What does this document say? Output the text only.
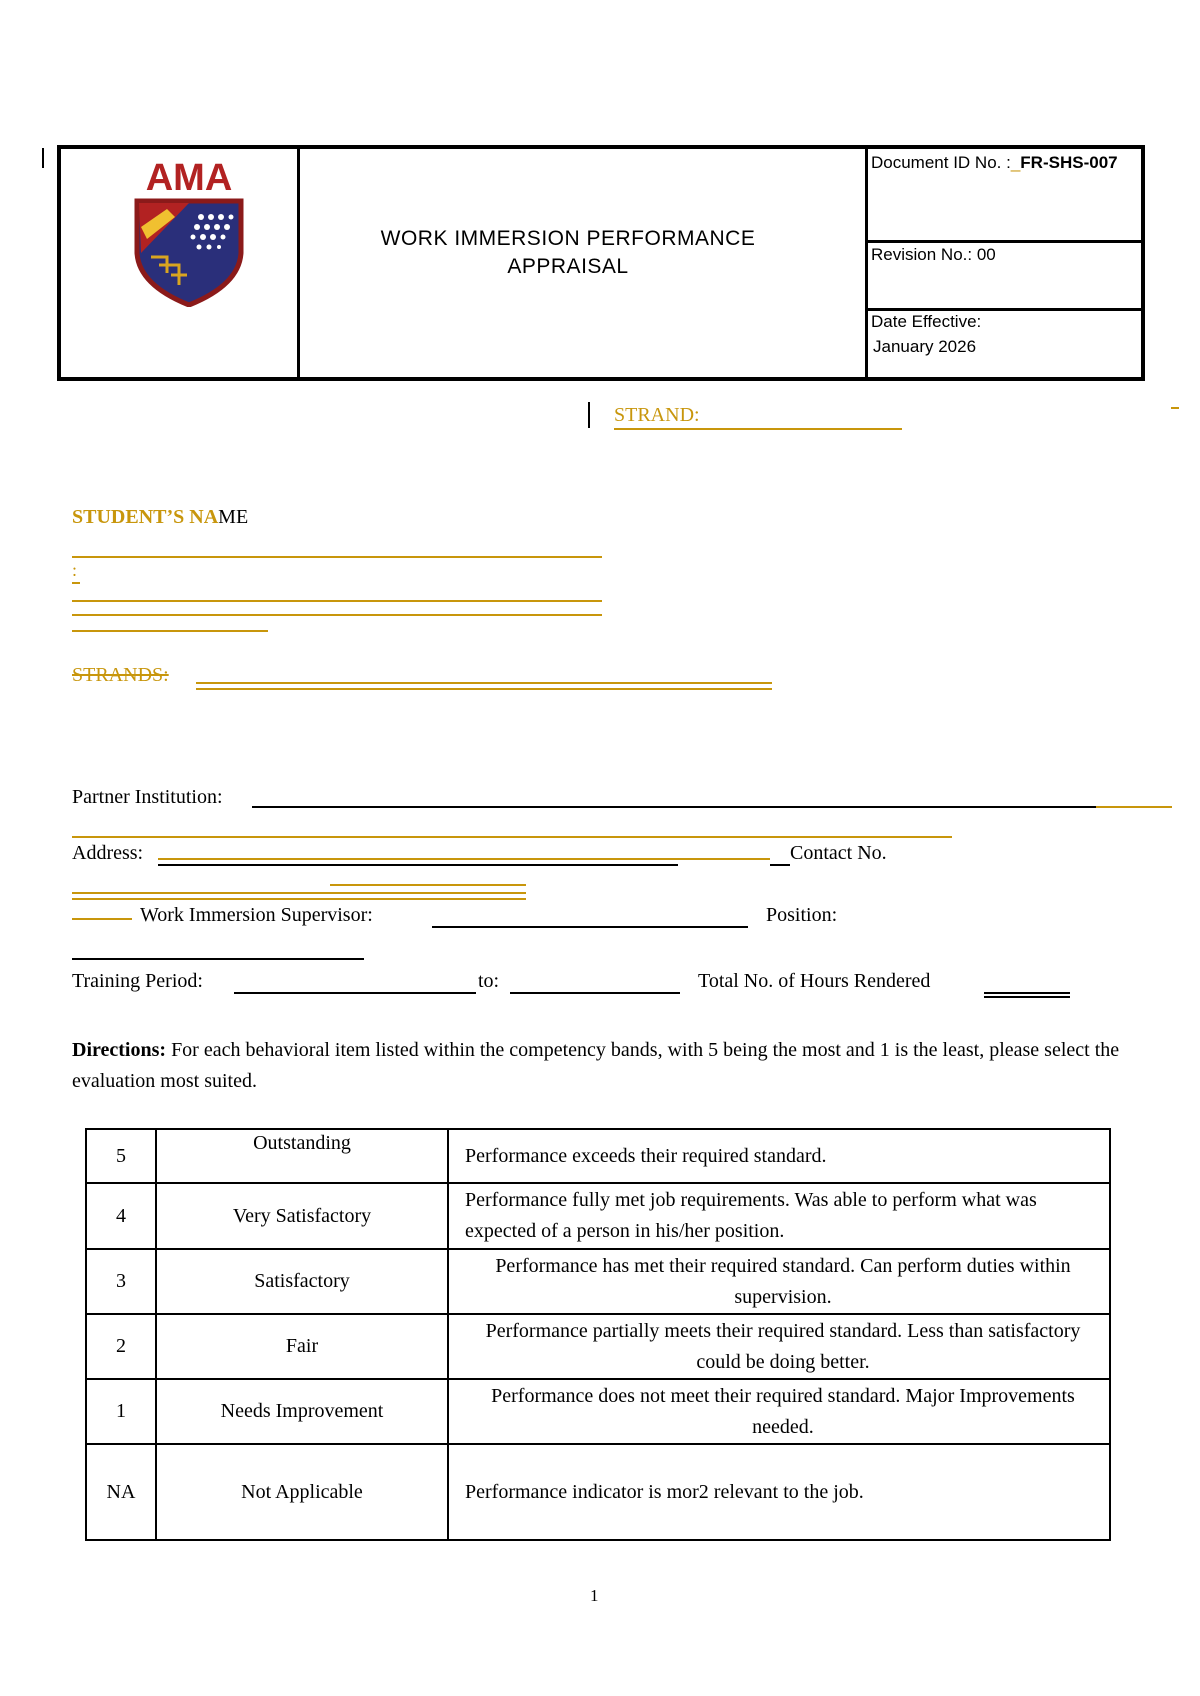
AMA
WORK IMMERSION PERFORMANCE
APPRAISAL
Document ID No. :_FR-SHS-007
Revision No.: 00
Date Effective:
January 2026
STRAND:
STUDENT’S NAME
:
STRANDS:
Partner Institution:
Address:	Contact No.
Work Immersion Supervisor:	Position:
Training Period:	to:	Total No. of Hours Rendered
Directions: For each behavioral item listed within the competency bands, with 5 being the most and 1 is the least, please select the evaluation most suited.
5	Outstanding	Performance exceeds their required standard.
4	Very Satisfactory	Performance fully met job requirements. Was able to perform what was expected of a person in his/her position.
3	Satisfactory	Performance has met their required standard. Can perform duties within supervision.
2	Fair	Performance partially meets their required standard. Less than satisfactory could be doing better.
1	Needs Improvement	Performance does not meet their required standard. Major Improvements needed.
NA	Not Applicable	Performance indicator is mor2 relevant to the job.
1
